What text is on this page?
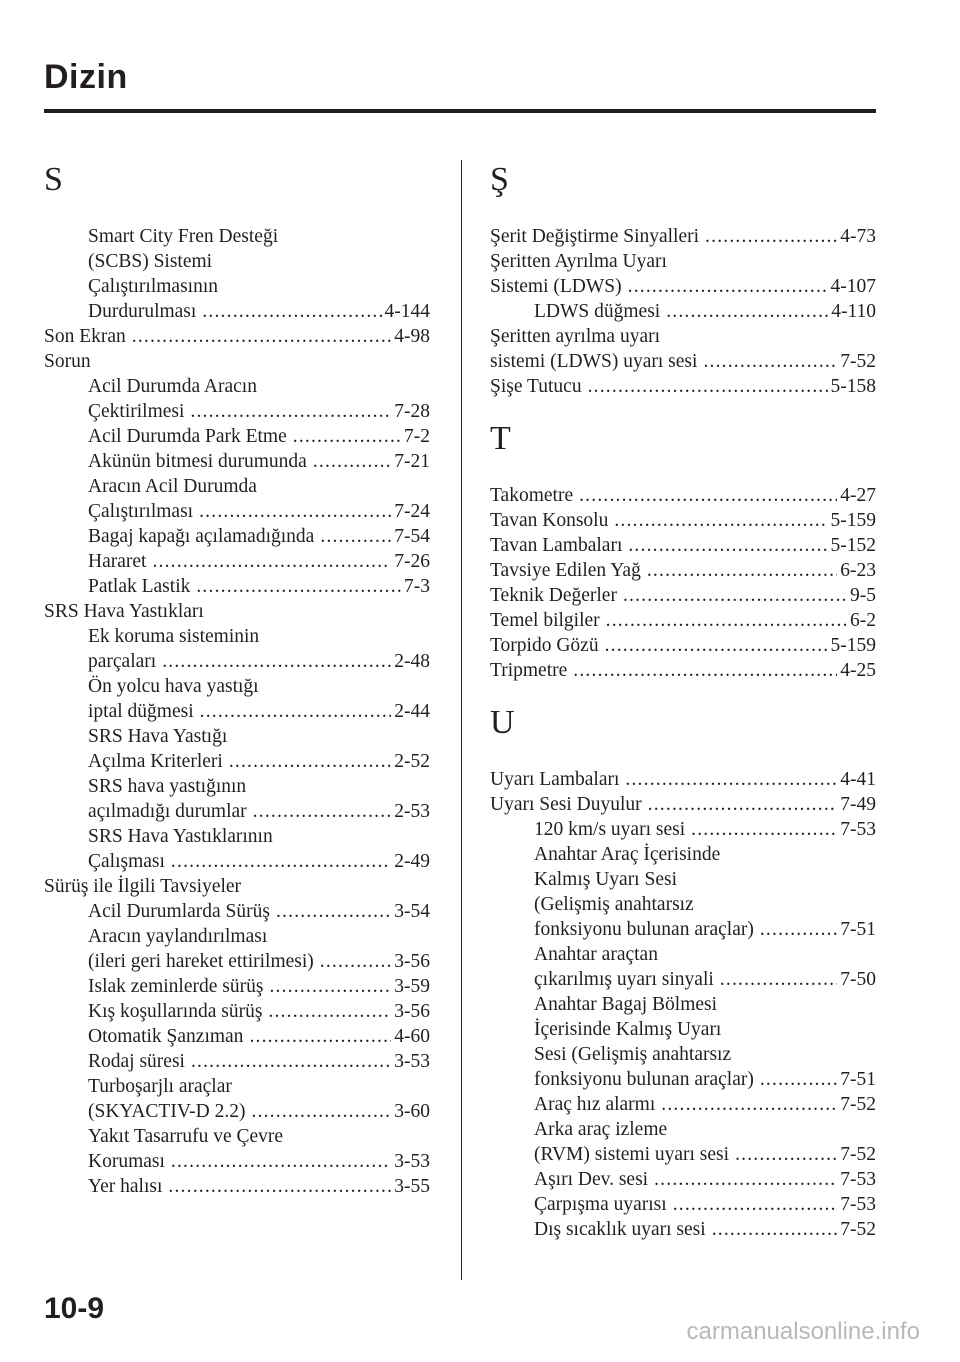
Dizin
S
Smart City Fren Desteği
(SCBS) Sistemi
Çalıştırılmasının
Durdurulması .....	4-144
Son Ekran .....	4-98
Sorun
Acil Durumda Aracın
Çektirilmesi .....	7-28
Acil Durumda Park Etme .....	7-2
Akünün bitmesi durumunda .....	7-21
Aracın Acil Durumda
Çalıştırılması .....	7-24
Bagaj kapağı açılamadığında .....	7-54
Hararet .....	7-26
Patlak Lastik .....	7-3
SRS Hava Yastıkları
Ek koruma sisteminin
parçaları .....	2-48
Ön yolcu hava yastığı
iptal düğmesi .....	2-44
SRS Hava Yastığı
Açılma Kriterleri .....	2-52
SRS hava yastığının
açılmadığı durumlar .....	2-53
SRS Hava Yastıklarının
Çalışması .....	2-49
Sürüş ile İlgili Tavsiyeler
Acil Durumlarda Sürüş .....	3-54
Aracın yaylandırılması
(ileri geri hareket ettirilmesi) .....	3-56
Islak zeminlerde sürüş .....	3-59
Kış koşullarında sürüş .....	3-56
Otomatik Şanzıman .....	4-60
Rodaj süresi .....	3-53
Turboşarjlı araçlar
(SKYACTIV-D 2.2) .....	3-60
Yakıt Tasarrufu ve Çevre
Koruması .....	3-53
Yer halısı .....	3-55
Ş
Şerit Değiştirme Sinyalleri .....	4-73
Şeritten Ayrılma Uyarı
Sistemi (LDWS) .....	4-107
LDWS düğmesi .....	4-110
Şeritten ayrılma uyarı
sistemi (LDWS) uyarı sesi .....	7-52
Şişe Tutucu .....	5-158
T
Takometre .....	4-27
Tavan Konsolu .....	5-159
Tavan Lambaları .....	5-152
Tavsiye Edilen Yağ .....	6-23
Teknik Değerler .....	9-5
Temel bilgiler .....	6-2
Torpido Gözü .....	5-159
Tripmetre .....	4-25
U
Uyarı Lambaları .....	4-41
Uyarı Sesi Duyulur .....	7-49
120 km/s uyarı sesi .....	7-53
Anahtar Araç İçerisinde
Kalmış Uyarı Sesi
(Gelişmiş anahtarsız
fonksiyonu bulunan araçlar) .....	7-51
Anahtar araçtan
çıkarılmış uyarı sinyali .....	7-50
Anahtar Bagaj Bölmesi
İçerisinde Kalmış Uyarı
Sesi (Gelişmiş anahtarsız
fonksiyonu bulunan araçlar) .....	7-51
Araç hız alarmı .....	7-52
Arka araç izleme
(RVM) sistemi uyarı sesi .....	7-52
Aşırı Dev. sesi .....	7-53
Çarpışma uyarısı .....	7-53
Dış sıcaklık uyarı sesi .....	7-52
10-9
carmanualsonline.info
